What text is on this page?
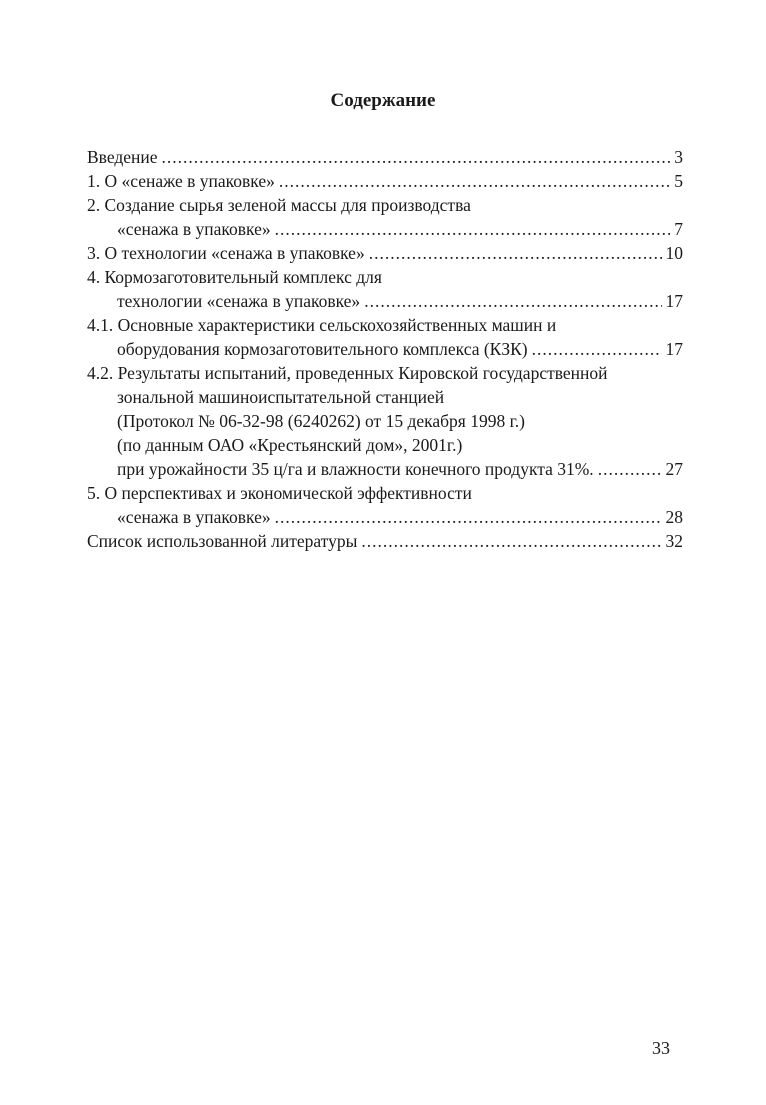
Содержание
Введение .....	3
1. О «сенаже в упаковке» .....	5
2. Создание сырья зеленой массы для производства
«сенажа в упаковке» .....	7
3. О технологии «сенажа в упаковке» .....	10
4. Кормозаготовительный комплекс для
технологии «сенажа в упаковке» .....	17
4.1. Основные характеристики сельскохозяйственных машин и
оборудования кормозаготовительного комплекса (КЗК) .....	17
4.2. Результаты испытаний, проведенных Кировской государственной
зональной машиноиспытательной станцией
(Протокол № 06-32-98 (6240262) от 15 декабря 1998 г.)
(по данным ОАО «Крестьянский дом», 2001г.)
при урожайности 35 ц/га и влажности конечного продукта 31%. .....	27
5. О перспективах и экономической эффективности
«сенажа в упаковке» .....	28
Список использованной литературы .....	32
33
